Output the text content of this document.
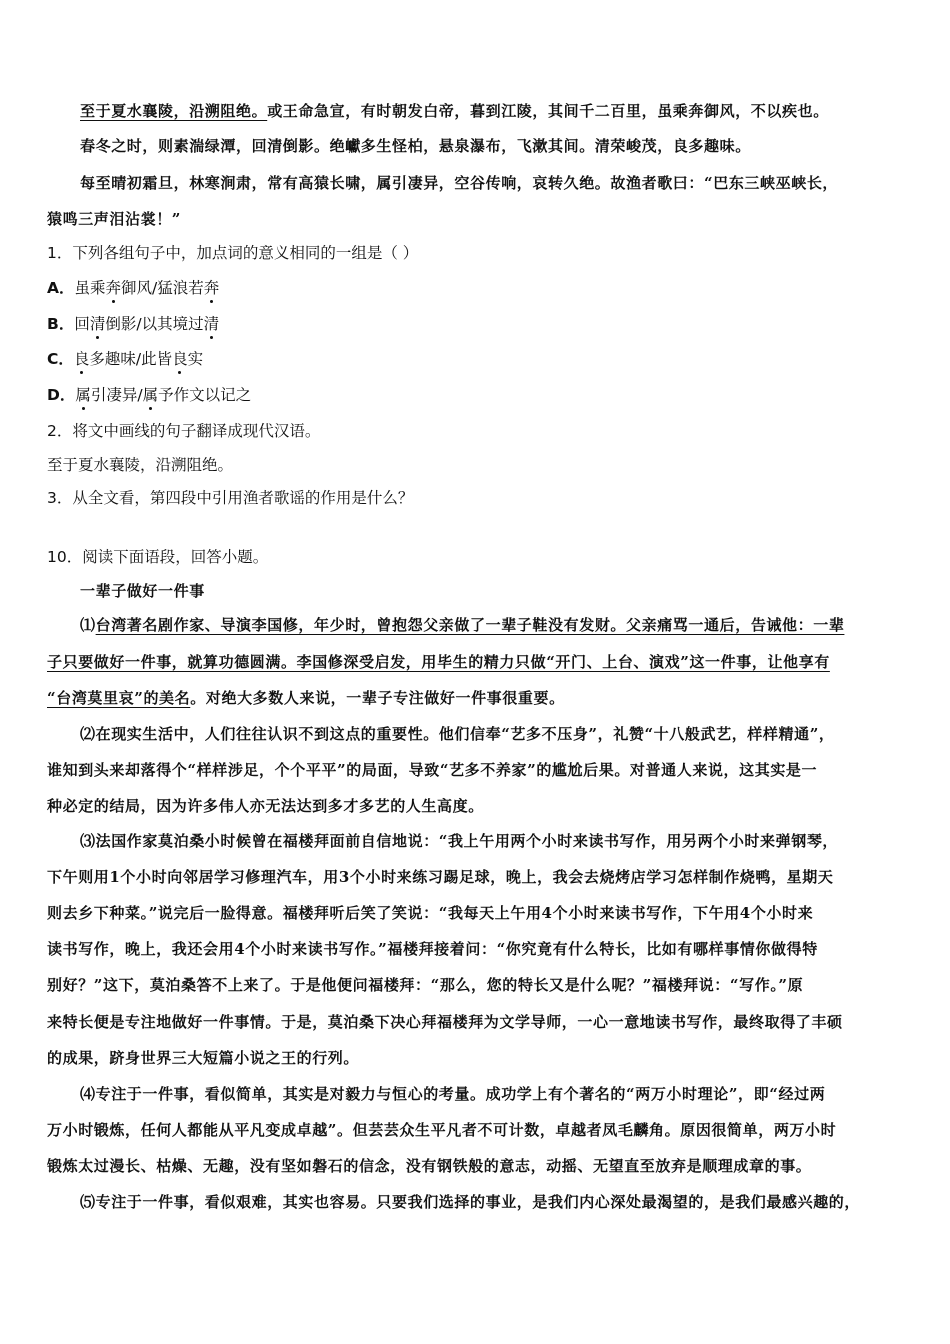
至于夏水襄陵，沿溯阻绝。或王命急宣，有时朝发白帝，暮到江陵，其间千二百里，虽乘奔御风，不以疾也。
春冬之时，则素湍绿潭，回清倒影。绝巘多生怪柏，悬泉瀑布，飞漱其间。清荣峻茂，良多趣味。
每至晴初霜旦，林寒涧肃，常有高猿长啸，属引凄异，空谷传响，哀转久绝。故渔者歌曰：“巴东三峡巫峡长，
猿鸣三声泪沾裳！”
1．下列各组句子中，加点词的意义相同的一组是（ ）
A．虽乘奔御风/猛浪若奔
B．回清倒影/以其境过清
C．良多趣味/此皆良实
D．属引凄异/属予作文以记之
2．将文中画线的句子翻译成现代汉语。
至于夏水襄陵，沿溯阻绝。
3．从全文看，第四段中引用渔者歌谣的作用是什么？
10．阅读下面语段，回答小题。
一辈子做好一件事
⑴台湾著名剧作家、导演李国修，年少时，曾抱怨父亲做了一辈子鞋没有发财。父亲痛骂一通后，告诫他：一辈
子只要做好一件事，就算功德圆满。李国修深受启发，用毕生的精力只做“开门、上台、演戏”这一件事，让他享有
“台湾莫里哀”的美名。对绝大多数人来说，一辈子专注做好一件事很重要。
⑵在现实生活中，人们往往认识不到这点的重要性。他们信奉“艺多不压身”，礼赞“十八般武艺，样样精通”，
谁知到头来却落得个“样样涉足，个个平平”的局面，导致“艺多不养家”的尴尬后果。对普通人来说，这其实是一
种必定的结局，因为许多伟人亦无法达到多才多艺的人生高度。
⑶法国作家莫泊桑小时候曾在福楼拜面前自信地说：“我上午用两个小时来读书写作，用另两个小时来弹钢琴，
下午则用1个小时向邻居学习修理汽车，用3个小时来练习踢足球，晚上，我会去烧烤店学习怎样制作烧鸭，星期天
则去乡下种菜。”说完后一脸得意。福楼拜听后笑了笑说：“我每天上午用4个小时来读书写作，下午用4个小时来
读书写作，晚上，我还会用4个小时来读书写作。”福楼拜接着问：“你究竟有什么特长，比如有哪样事情你做得特
别好？”这下，莫泊桑答不上来了。于是他便问福楼拜：“那么，您的特长又是什么呢？”福楼拜说：“写作。”原
来特长便是专注地做好一件事情。于是，莫泊桑下决心拜福楼拜为文学导师，一心一意地读书写作，最终取得了丰硕
的成果，跻身世界三大短篇小说之王的行列。
⑷专注于一件事，看似简单，其实是对毅力与恒心的考量。成功学上有个著名的“两万小时理论”，即“经过两
万小时锻炼，任何人都能从平凡变成卓越”。但芸芸众生平凡者不可计数，卓越者凤毛麟角。原因很简单，两万小时
锻炼太过漫长、枯燥、无趣，没有坚如磐石的信念，没有钢铁般的意志，动摇、无望直至放弃是顺理成章的事。
⑸专注于一件事，看似艰难，其实也容易。只要我们选择的事业，是我们内心深处最渴望的，是我们最感兴趣的，
